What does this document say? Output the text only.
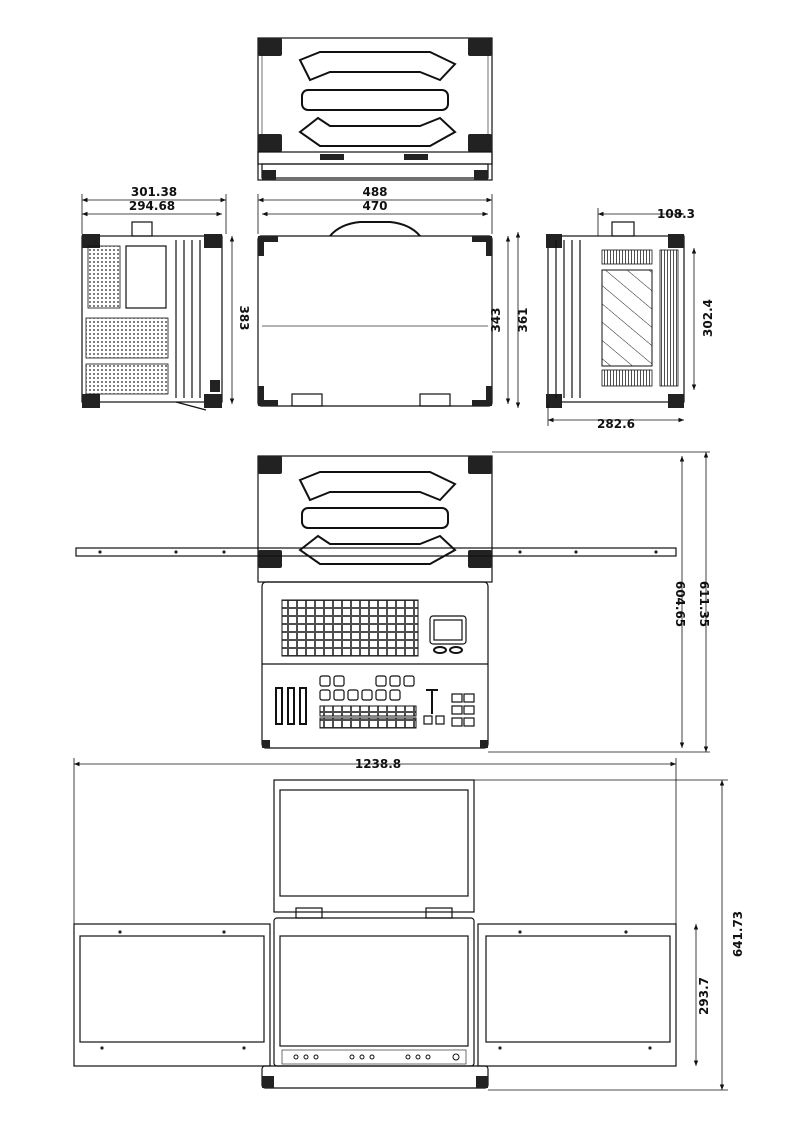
301.38
294.68
383
488
470
343 361
108.3
302.4
282.6
604.65 611.35
1238.8
641.73
293.7
